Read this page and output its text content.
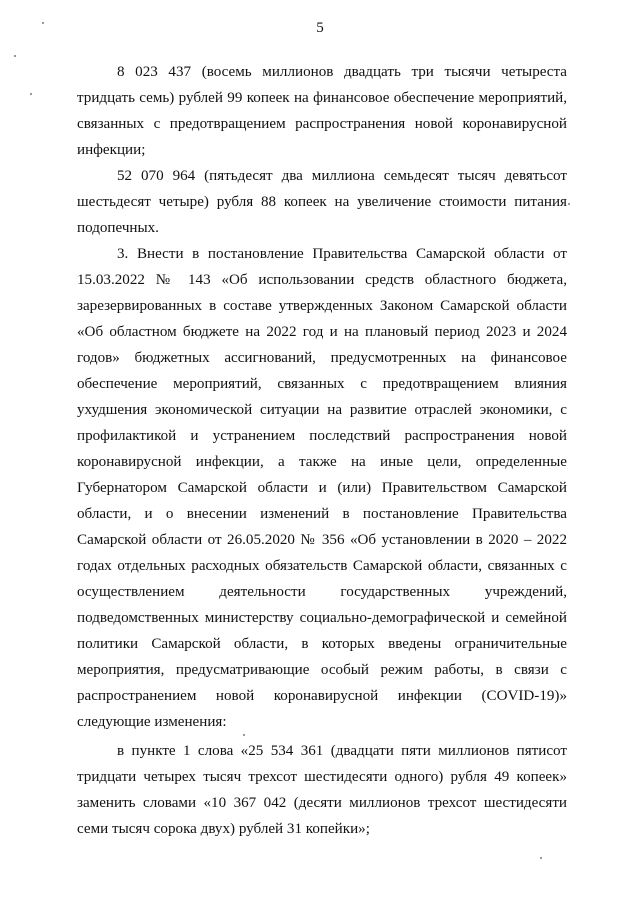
5

8 023 437 (восемь миллионов двадцать три тысячи четыреста тридцать семь) рублей 99 копеек на финансовое обеспечение мероприятий, связанных с предотвращением распространения новой коронавирусной инфекции;

52 070 964 (пятьдесят два миллиона семьдесят тысяч девятьсот шестьдесят четыре) рубля 88 копеек на увеличение стоимости питания подопечных.

3. Внести в постановление Правительства Самарской области от 15.03.2022 № 143 «Об использовании средств областного бюджета, зарезервированных в составе утвержденных Законом Самарской области «Об областном бюджете на 2022 год и на плановый период 2023 и 2024 годов» бюджетных ассигнований, предусмотренных на финансовое обеспечение мероприятий, связанных с предотвращением влияния ухудшения экономической ситуации на развитие отраслей экономики, с профилактикой и устранением последствий распространения новой коронавирусной инфекции, а также на иные цели, определенные Губернатором Самарской области и (или) Правительством Самарской области, и о внесении изменений в постановление Правительства Самарской области от 26.05.2020 № 356 «Об установлении в 2020 – 2022 годах отдельных расходных обязательств Самарской области, связанных с осуществлением деятельности государственных учреждений, подведомственных министерству социально-демографической и семейной политики Самарской области, в которых введены ограничительные мероприятия, предусматривающие особый режим работы, в связи с распространением новой коронавирусной инфекции (COVID-19)» следующие изменения:

в пункте 1 слова «25 534 361 (двадцати пяти миллионов пятисот тридцати четырех тысяч трехсот шестидесяти одного) рубля 49 копеек» заменить словами «10 367 042 (десяти миллионов трехсот шестидесяти семи тысяч сорока двух) рублей 31 копейки»;
